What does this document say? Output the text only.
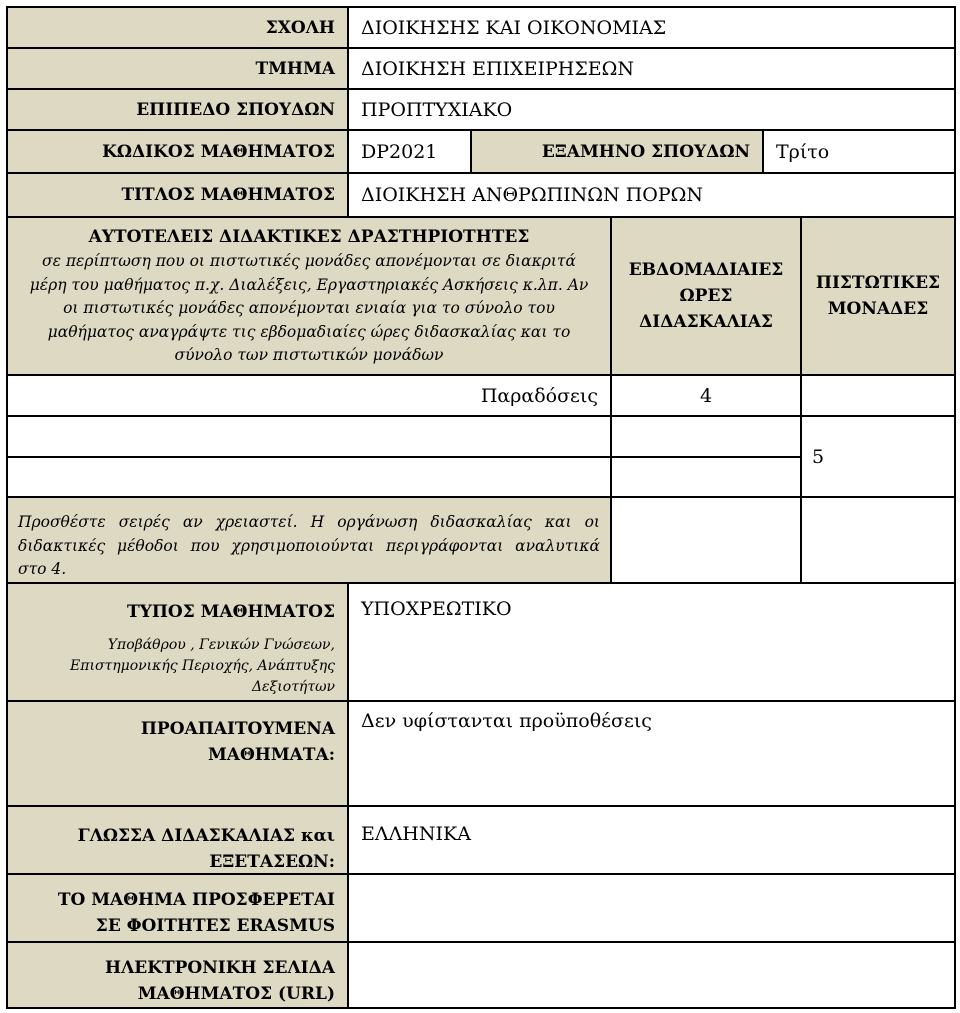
ΣΧΟΛΗ ΔΙΟΙΚΗΣΗΣ ΚΑΙ ΟΙΚΟΝΟΜΙΑΣ
ΤΜΗΜΑ ΔΙΟΙΚΗΣΗ ΕΠΙΧΕΙΡΗΣΕΩΝ
ΕΠΙΠΕΔΟ ΣΠΟΥΔΩΝ ΠΡΟΠΤΥΧΙΑΚΟ
ΚΩΔΙΚΟΣ ΜΑΘΗΜΑΤΟΣ DP2021	ΕΞΑΜΗΝΟ ΣΠΟΥΔΩΝ Τρίτο
ΤΙΤΛΟΣ ΜΑΘΗΜΑΤΟΣ ΔΙΟΙΚΗΣΗ ΑΝΘΡΩΠΙΝΩΝ ΠΟΡΩΝ
ΑΥΤΟΤΕΛΕΙΣ ΔΙΔΑΚΤΙΚΕΣ ΔΡΑΣΤΗΡΙΟΤΗΤΕΣ
σε περίπτωση που οι πιστωτικές μονάδες απονέμονται σε διακριτά
μέρη του μαθήματος π.χ. Διαλέξεις, Εργαστηριακές Ασκήσεις κ.λπ. Αν
οι πιστωτικές μονάδες απονέμονται ενιαία για το σύνολο του
μαθήματος αναγράψτε τις εβδομαδιαίες ώρες διδασκαλίας και το
σύνολο των πιστωτικών μονάδων
ΕΒΔΟΜΑΔΙΑΙΕΣ
ΩΡΕΣ
ΔΙΔΑΣΚΑΛΙΑΣ
ΠΙΣΤΩΤΙΚΕΣ
ΜΟΝΑΔΕΣ
Παραδόσεις	4
5
Προσθέστε σειρές αν χρειαστεί. Η οργάνωση διδασκαλίας και οι
διδακτικές μέθοδοι που χρησιμοποιούνται περιγράφονται αναλυτικά
στο 4.
ΤΥΠΟΣ ΜΑΘΗΜΑΤΟΣ
Υποβάθρου , Γενικών Γνώσεων,
Επιστημονικής Περιοχής, Ανάπτυξης
Δεξιοτήτων
ΥΠΟΧΡΕΩΤΙΚΟ
ΠΡΟΑΠΑΙΤΟΥΜΕΝΑ
ΜΑΘΗΜΑΤΑ:
Δεν υφίστανται προϋποθέσεις
ΓΛΩΣΣΑ ΔΙΔΑΣΚΑΛΙΑΣ και
ΕΞΕΤΑΣΕΩΝ:
ΕΛΛΗΝΙΚΑ
ΤΟ ΜΑΘΗΜΑ ΠΡΟΣΦΕΡΕΤΑΙ
ΣΕ ΦΟΙΤΗΤΕΣ ERASMUS
ΗΛΕΚΤΡΟΝΙΚΗ ΣΕΛΙΔΑ
ΜΑΘΗΜΑΤΟΣ (URL)
